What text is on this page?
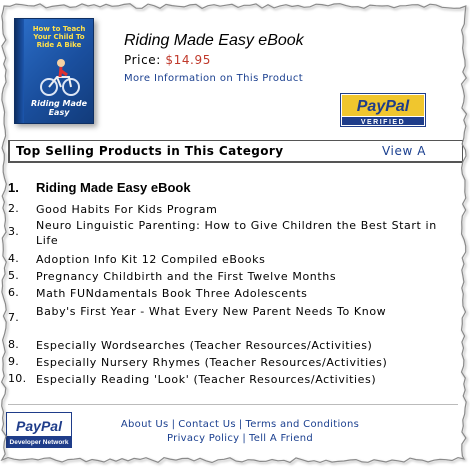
How to Teach Your Child To Ride A Bike
Riding Made Easy
Riding Made Easy eBook
Price: $14.95
More Information on This Product
PayPal
VERIFIED
Top Selling Products in This Category	View A
1.	Riding Made Easy eBook
2.	Good Habits For Kids Program
3.	Neuro Linguistic Parenting: How to Give Children the Best Start in Life
4.	Adoption Info Kit 12 Compiled eBooks
5.	Pregnancy Childbirth and the First Twelve Months
6.	Math FUNdamentals Book Three Adolescents
7.	Baby's First Year - What Every New Parent Needs To Know
8.	Especially Wordsearches (Teacher Resources/Activities)
9.	Especially Nursery Rhymes (Teacher Resources/Activities)
10. Especially Reading 'Look' (Teacher Resources/Activities)
PayPal
Developer Network
About Us | Contact Us | Terms and Conditions
Privacy Policy | Tell A Friend
